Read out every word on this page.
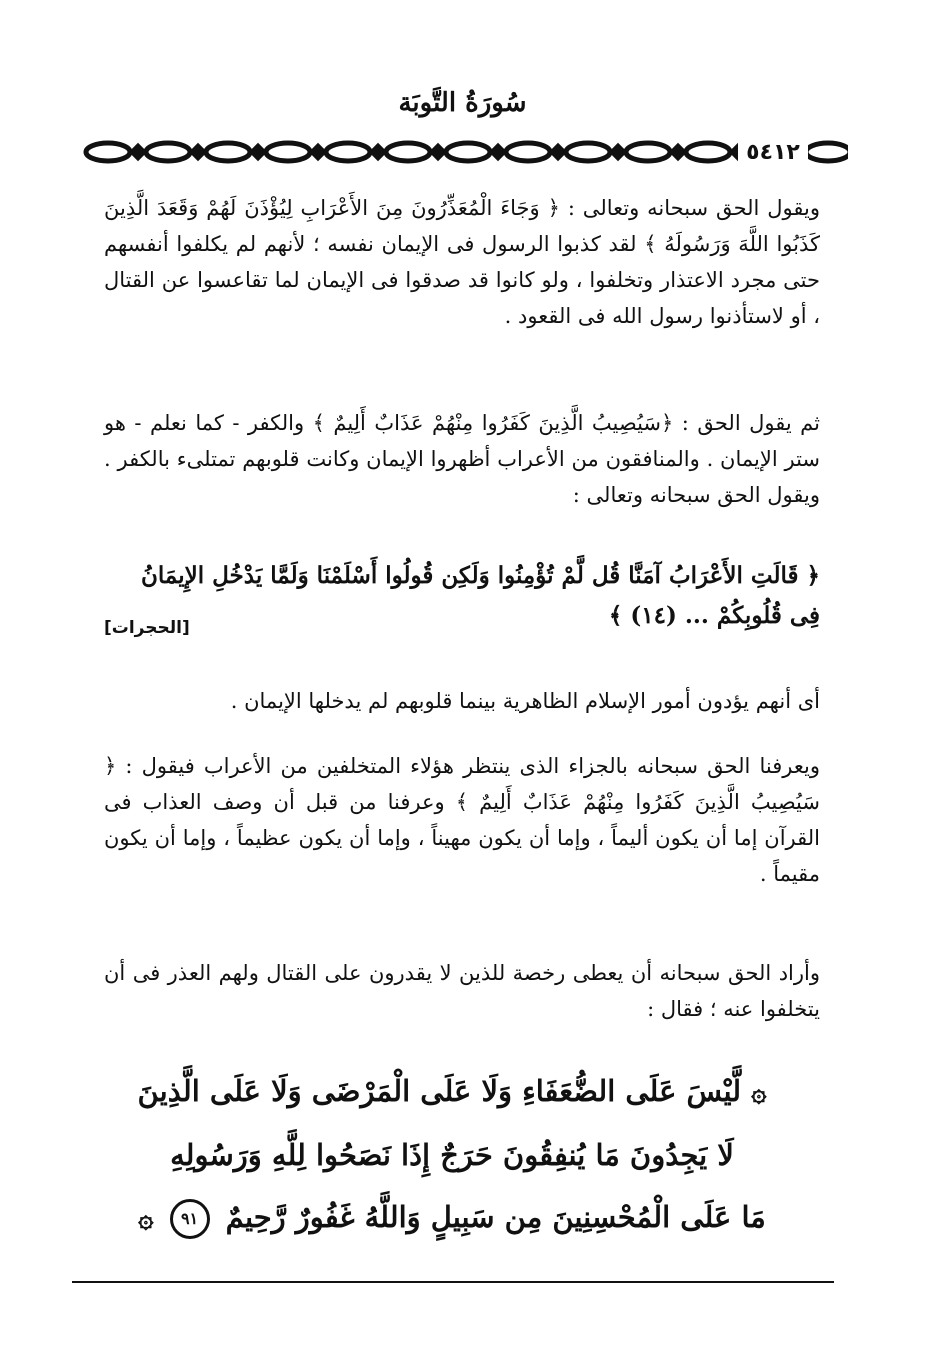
سُورَةُ التَّوبَة
٥٤١٢
ويقول الحق سبحانه وتعالى : ﴿ وَجَاءَ الْمُعَذِّرُونَ مِنَ الأَعْرَابِ لِيُؤْذَنَ لَهُمْ وَقَعَدَ الَّذِينَ كَذَبُوا اللَّهَ وَرَسُولَهُ ﴾ لقد كذبوا الرسول فى الإيمان نفسه ؛ لأنهم لم يكلفوا أنفسهم حتى مجرد الاعتذار وتخلفوا ، ولو كانوا قد صدقوا فى الإيمان لما تقاعسوا عن القتال ، أو لاستأذنوا رسول الله فى القعود .
ثم يقول الحق : ﴿سَيُصِيبُ الَّذِينَ كَفَرُوا مِنْهُمْ عَذَابٌ أَلِيمٌ ﴾ والكفر - كما نعلم - هو ستر الإيمان . والمنافقون من الأعراب أظهروا الإيمان وكانت قلوبهم تمتلىء بالكفر . ويقول الحق سبحانه وتعالى :
﴿ قَالَتِ الأَعْرَابُ آمَنَّا قُل لَّمْ تُؤْمِنُوا وَلَكِن قُولُوا أَسْلَمْنَا وَلَمَّا يَدْخُلِ الإِيمَانُ فِى قُلُوبِكُمْ ... (١٤) ﴾
[الحجرات]
أى أنهم يؤدون أمور الإسلام الظاهرية بينما قلوبهم لم يدخلها الإيمان .
ويعرفنا الحق سبحانه بالجزاء الذى ينتظر هؤلاء المتخلفين من الأعراب فيقول : ﴿ سَيُصِيبُ الَّذِينَ كَفَرُوا مِنْهُمْ عَذَابٌ أَلِيمٌ ﴾ وعرفنا من قبل أن وصف العذاب فى القرآن إما أن يكون أليماً ، وإما أن يكون مهيناً ، وإما أن يكون عظيماً ، وإما أن يكون مقيماً .
وأراد الحق سبحانه أن يعطى رخصة للذين لا يقدرون على القتال ولهم العذر فى أن يتخلفوا عنه ؛ فقال :
۞ لَّيْسَ عَلَى الضُّعَفَاءِ وَلَا عَلَى الْمَرْضَى وَلَا عَلَى الَّذِينَ
لَا يَجِدُونَ مَا يُنفِقُونَ حَرَجٌ إِذَا نَصَحُوا لِلَّهِ وَرَسُولِهِ
مَا عَلَى الْمُحْسِنِينَ مِن سَبِيلٍ وَاللَّهُ غَفُورٌ رَّحِيمٌ ٩١ ۞
